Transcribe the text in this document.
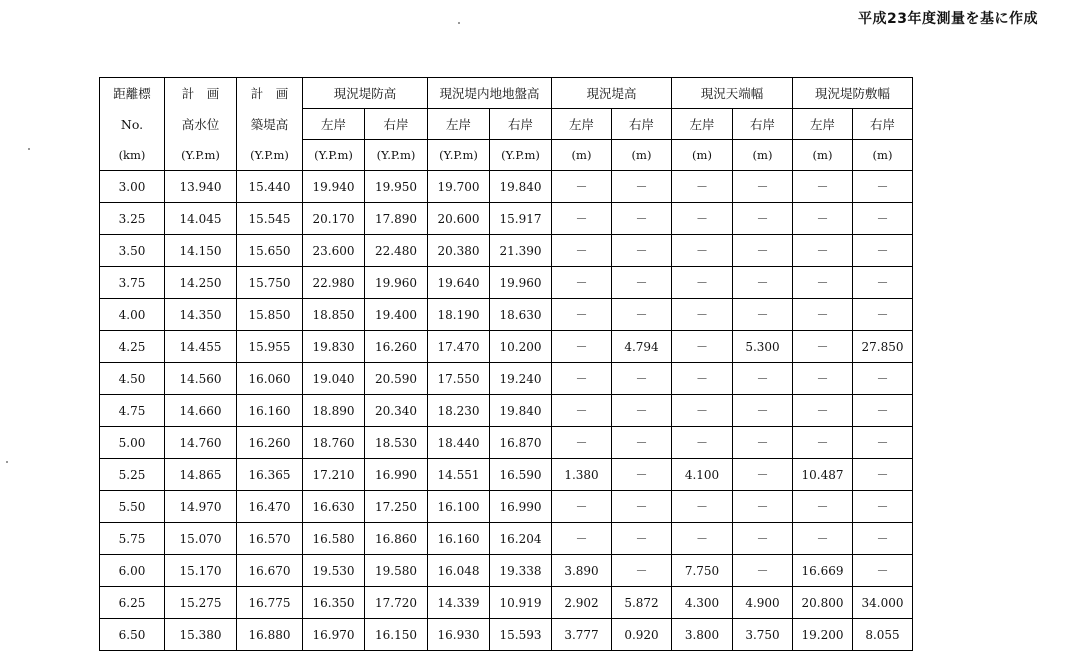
平成23年度測量を基に作成
距離標	計　画	計　画	現況堤防高		現況堤内地地盤高		現況堤高		現況天端幅		現況堤防敷幅	
No.	高水位	築堤高	左岸	右岸	左岸	右岸	左岸	右岸	左岸	右岸	左岸	右岸
(km)	(Y.P.m)	(Y.P.m)	(Y.P.m)	(Y.P.m)	(Y.P.m)	(Y.P.m)	(m)	(m)	(m)	(m)	(m)	(m)
3.00	13.940	15.440	19.940	19.950	19.700	19.840	－	－	－	－	－	－
3.25	14.045	15.545	20.170	17.890	20.600	15.917	－	－	－	－	－	－
3.50	14.150	15.650	23.600	22.480	20.380	21.390	－	－	－	－	－	－
3.75	14.250	15.750	22.980	19.960	19.640	19.960	－	－	－	－	－	－
4.00	14.350	15.850	18.850	19.400	18.190	18.630	－	－	－	－	－	－
4.25	14.455	15.955	19.830	16.260	17.470	10.200	－	4.794	－	5.300	－	27.850
4.50	14.560	16.060	19.040	20.590	17.550	19.240	－	－	－	－	－	－
4.75	14.660	16.160	18.890	20.340	18.230	19.840	－	－	－	－	－	－
5.00	14.760	16.260	18.760	18.530	18.440	16.870	－	－	－	－	－	－
5.25	14.865	16.365	17.210	16.990	14.551	16.590	1.380	－	4.100	－	10.487	－
5.50	14.970	16.470	16.630	17.250	16.100	16.990	－	－	－	－	－	－
5.75	15.070	16.570	16.580	16.860	16.160	16.204	－	－	－	－	－	－
6.00	15.170	16.670	19.530	19.580	16.048	19.338	3.890	－	7.750	－	16.669	－
6.25	15.275	16.775	16.350	17.720	14.339	10.919	2.902	5.872	4.300	4.900	20.800	34.000
6.50	15.380	16.880	16.970	16.150	16.930	15.593	3.777	0.920	3.800	3.750	19.200	8.055
